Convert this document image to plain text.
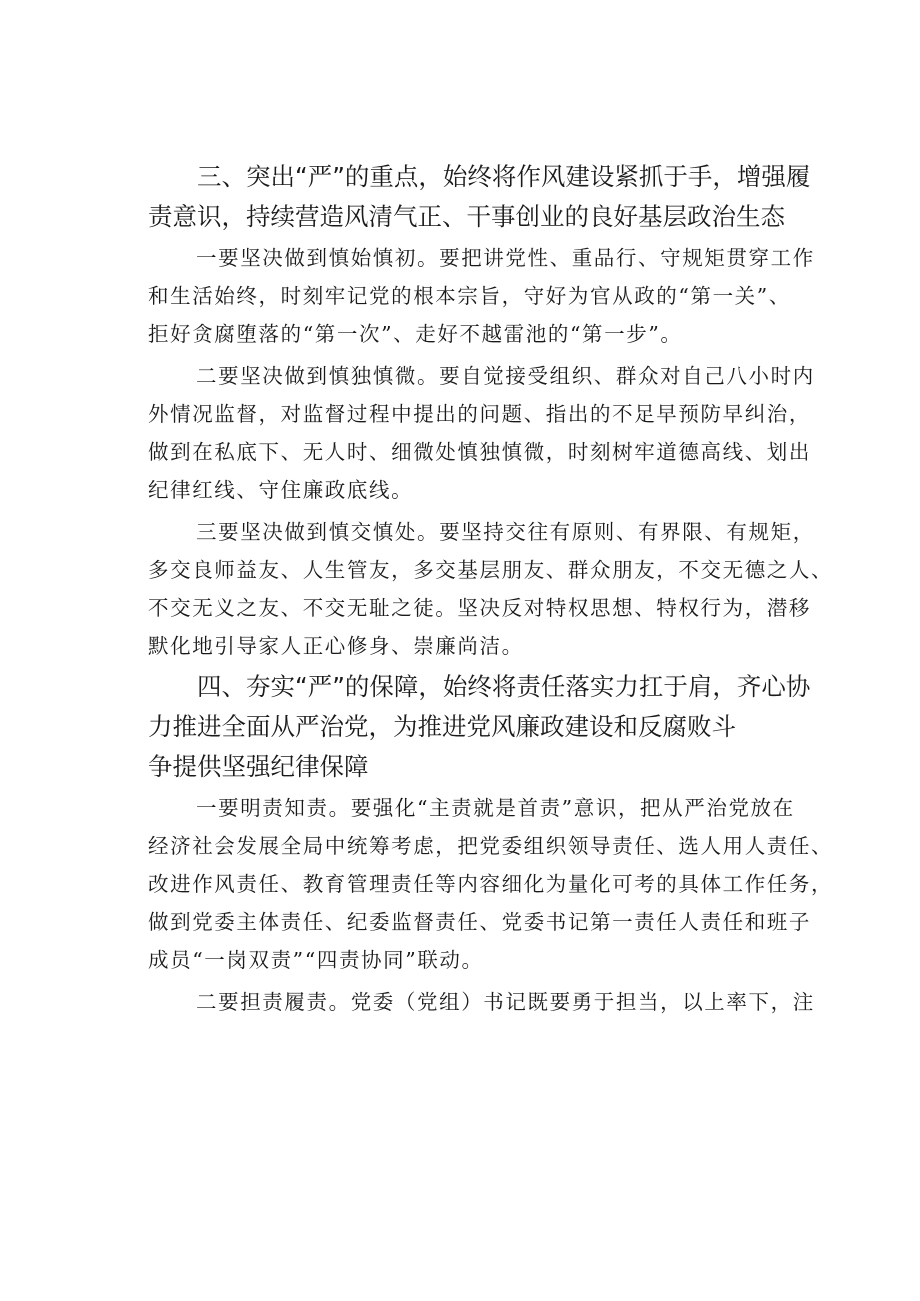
三、突出“严”的重点，始终将作风建设紧抓于手，增强履
责意识，持续营造风清气正、干事创业的良好基层政治生态

一要坚决做到慎始慎初。要把讲党性、重品行、守规矩贯穿工作
和生活始终，时刻牢记党的根本宗旨，守好为官从政的“第一关”、
拒好贪腐堕落的“第一次”、走好不越雷池的“第一步”。

二要坚决做到慎独慎微。要自觉接受组织、群众对自己八小时内
外情况监督，对监督过程中提出的问题、指出的不足早预防早纠治，
做到在私底下、无人时、细微处慎独慎微，时刻树牢道德高线、划出
纪律红线、守住廉政底线。

三要坚决做到慎交慎处。要坚持交往有原则、有界限、有规矩，
多交良师益友、人生管友，多交基层朋友、群众朋友，不交无德之人、
不交无义之友、不交无耻之徒。坚决反对特权思想、特权行为，潜移
默化地引导家人正心修身、崇廉尚洁。

四、夯实“严”的保障，始终将责任落实力扛于肩，齐心协
力推进全面从严治党，为推进党风廉政建设和反腐败斗
争提供坚强纪律保障

一要明责知责。要强化“主责就是首责”意识，把从严治党放在
经济社会发展全局中统筹考虑，把党委组织领导责任、选人用人责任、
改进作风责任、教育管理责任等内容细化为量化可考的具体工作任务，
做到党委主体责任、纪委监督责任、党委书记第一责任人责任和班子
成员“一岗双责”“四责协同”联动。

二要担责履责。党委（党组）书记既要勇于担当，以上率下，注
